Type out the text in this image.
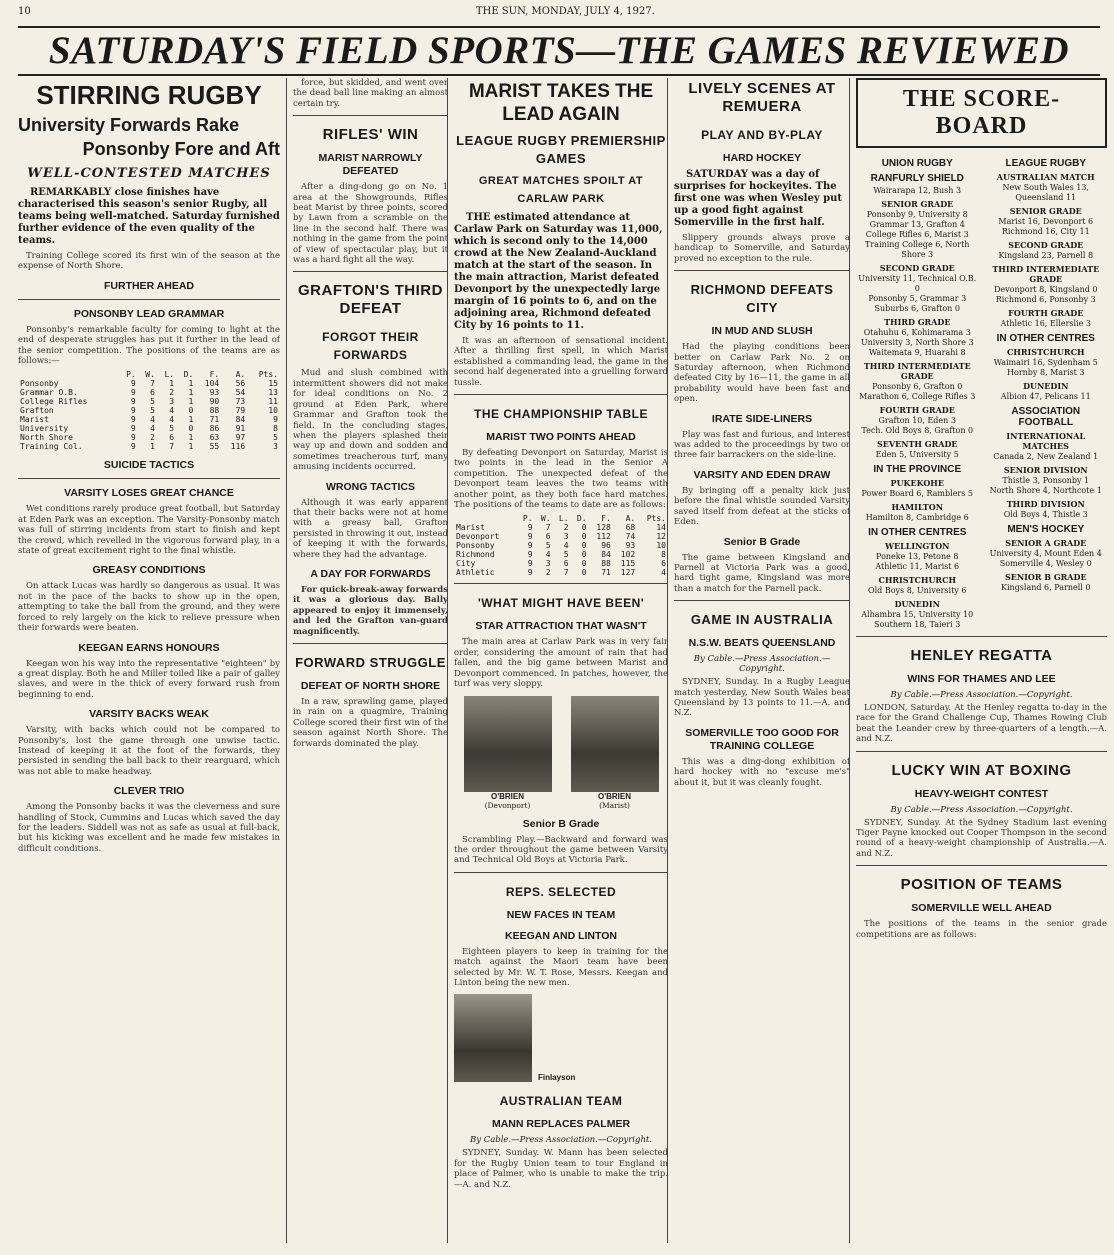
10	THE SUN, MONDAY, JULY 4, 1927.
SATURDAY'S FIELD SPORTS—THE GAMES REVIEWED
STIRRING RUGBY
University Forwards Rake
Ponsonby Fore and Aft
WELL-CONTESTED MATCHES

REMARKABLY close finishes have characterised this season's senior Rugby, all teams being well-matched. Saturday furnished further evidence of the even quality of the teams.

Training College scored its first win of the season at the expense of North Shore.

FURTHER AHEAD
PONSONBY LEAD GRAMMAR

Ponsonby's remarkable faculty for coming to light at the end of desperate struggles has put it further in the lead of the senior competition. The positions of the teams are as follows:—

	P.	W.	L.	D.	F.	A.	Pts.
Ponsonby	9	7	1	1	104	56	15
Grammar O.B.	9	6	2	1	93	54	13
College Rifles	9	5	3	1	90	73	11
Grafton	9	5	4	0	88	79	10
Marist	9	4	4	1	71	84	9
University	9	4	5	0	86	91	8
North Shore	9	2	6	1	63	97	5
Training Col.	9	1	7	1	55	116	3
SUICIDE TACTICS
VARSITY LOSES GREAT CHANCE

Wet conditions rarely produce great football, but Saturday at Eden Park was an exception. The Varsity-Ponsonby match was full of stirring incidents from start to finish and kept the crowd, which revelled in the vigorous forward play, in a state of great excitement right to the final whistle.

GREASY CONDITIONS

On attack Lucas was hardly so dangerous as usual. It was not in the pace of the backs to show up in the open, attempting to take the ball from the ground, and they were forced to rely largely on the kick to relieve pressure when their forwards were beaten.

KEEGAN EARNS HONOURS

Keegan won his way into the representative "eighteen" by a great display. Both he and Miller toiled like a pair of galley slaves, and were in the thick of every forward rush from beginning to end.

VARSITY BACKS WEAK

Varsity, with backs which could not be compared to Ponsonby's, lost the game through one unwise tactic. Instead of keeping it at the foot of the forwards, they persisted in sending the ball back to their rearguard, which was not able to make headway.

CLEVER TRIO

Among the Ponsonby backs it was the cleverness and sure handling of Stock, Cummins and Lucas which saved the day for the leaders. Siddell was not as safe as usual at full-back, but his kicking was excellent and he made few mistakes in difficult conditions.

force, but skidded, and went over the dead ball line making an almost certain try.

RIFLES' WIN
MARIST NARROWLY DEFEATED

After a ding-dong go on No. 1 area at the Showgrounds, Rifles beat Marist by three points, scored by Lawn from a scramble on the line in the second half. There was nothing in the game from the point of view of spectacular play, but it was a hard fight all the way.

GRAFTON'S THIRD DEFEAT
FORGOT THEIR FORWARDS

Mud and slush combined with intermittent showers did not make for ideal conditions on No. 2 ground at Eden Park, where Grammar and Grafton took the field. In the concluding stages, when the players splashed their way up and down and sodden and sometimes treacherous turf, many amusing incidents occurred.

WRONG TACTICS

Although it was early apparent that their backs were not at home with a greasy ball, Grafton persisted in throwing it out, instead of keeping it with the forwards, where they had the advantage.

A DAY FOR FORWARDS

For quick-break-away forwards it was a glorious day. Bally appeared to enjoy it immensely, and led the Grafton van-guard magnificently.

FORWARD STRUGGLE
DEFEAT OF NORTH SHORE

In a raw, sprawling game, played in rain on a quagmire, Training College scored their first win of the season against North Shore. The forwards dominated the play.

MARIST TAKES THE LEAD AGAIN
LEAGUE RUGBY PREMIERSHIP GAMES
GREAT MATCHES SPOILT AT CARLAW PARK

THE estimated attendance at Carlaw Park on Saturday was 11,000, which is second only to the 14,000 crowd at the New Zealand-Auckland match at the start of the season. In the main attraction, Marist defeated Devonport by the unexpectedly large margin of 16 points to 6, and on the adjoining area, Richmond defeated City by 16 points to 11.

It was an afternoon of sensational incident. After a thrilling first spell, in which Marist established a commanding lead, the game in the second half degenerated into a gruelling forward tussle.

THE CHAMPIONSHIP TABLE
MARIST TWO POINTS AHEAD

By defeating Devonport on Saturday, Marist is two points in the lead in the Senior A competition. The unexpected defeat of the Devonport team leaves the two teams with another point, as they both face hard matches. The positions of the teams to date are as follows:

	P.	W.	L.	D.	F.	A.	Pts.
Marist	9	7	2	0	128	68	14
Devonport	9	6	3	0	112	74	12
Ponsonby	9	5	4	0	96	93	10
Richmond	9	4	5	0	84	102	8
City	9	3	6	0	88	115	6
Athletic	9	2	7	0	71	127	4
'WHAT MIGHT HAVE BEEN'
STAR ATTRACTION THAT WASN'T

The main area at Carlaw Park was in very fair order, considering the amount of rain that had fallen, and the big game between Marist and Devonport commenced. In patches, however, the turf was very sloppy.

O'BRIEN
(Devonport)
O'BRIEN
(Marist)
Senior B Grade

Scrambling Play.—Backward and forward was the order throughout the game between Varsity and Technical Old Boys at Victoria Park.

REPS. SELECTED
NEW FACES IN TEAM
KEEGAN AND LINTON

Eighteen players to keep in training for the match against the Maori team have been selected by Mr. W. T. Rose, Messrs. Keegan and Linton being the new men.

Finlayson
AUSTRALIAN TEAM
MANN REPLACES PALMER
By Cable.—Press Association.—Copyright.

SYDNEY, Sunday. W. Mann has been selected for the Rugby Union team to tour England in place of Palmer, who is unable to make the trip.—A. and N.Z.

LIVELY SCENES AT REMUERA
PLAY AND BY-PLAY
HARD HOCKEY

SATURDAY was a day of surprises for hockeyites. The first one was when Wesley put up a good fight against Somerville in the first half.

Slippery grounds always prove a handicap to Somerville, and Saturday proved no exception to the rule.

RICHMOND DEFEATS CITY
IN MUD AND SLUSH

Had the playing conditions been better on Carlaw Park No. 2 on Saturday afternoon, when Richmond defeated City by 16—11, the game in all probability would have been fast and open.

IRATE SIDE-LINERS

Play was fast and furious, and interest was added to the proceedings by two or three fair barrackers on the side-line.

VARSITY AND EDEN DRAW

By bringing off a penalty kick just before the final whistle sounded Varsity saved itself from defeat at the sticks of Eden.

Senior B Grade

The game between Kingsland and Parnell at Victoria Park was a good, hard tight game, Kingsland was more than a match for the Parnell pack.

GAME IN AUSTRALIA
N.S.W. BEATS QUEENSLAND
By Cable.—Press Association.—Copyright.

SYDNEY, Sunday. In a Rugby League match yesterday, New South Wales beat Queensland by 13 points to 11.—A. and N.Z.

SOMERVILLE TOO GOOD FOR TRAINING COLLEGE

This was a ding-dong exhibition of hard hockey with no "excuse me's" about it, but it was cleanly fought.

THE SCORE-BOARD
UNION RUGBY
RANFURLY SHIELD
Wairarapa 12, Bush 3
SENIOR GRADE
Ponsonby 9, University 8
Grammar 13, Grafton 4
College Rifles 6, Marist 3
Training College 6, North Shore 3
SECOND GRADE
University 11, Technical O.B. 0
Ponsonby 5, Grammar 3
Suburbs 6, Grafton 0
THIRD GRADE
Otahuhu 6, Kohimarama 3
University 3, North Shore 3
Waitemata 9, Huarahi 8
THIRD INTERMEDIATE GRADE
Ponsonby 6, Grafton 0
Marathon 6, College Rifles 3
FOURTH GRADE
Grafton 10, Eden 3
Tech. Old Boys 8, Grafton 0
SEVENTH GRADE
Eden 5, University 5
IN THE PROVINCE
PUKEKOHE
Power Board 6, Ramblers 5
HAMILTON
Hamilton 8, Cambridge 6
IN OTHER CENTRES
WELLINGTON
Poneke 13, Petone 8
Athletic 11, Marist 6
CHRISTCHURCH
Old Boys 8, University 6
DUNEDIN
Alhambra 15, University 10
Southern 18, Taieri 3
LEAGUE RUGBY
AUSTRALIAN MATCH
New South Wales 13, Queensland 11
SENIOR GRADE
Marist 16, Devonport 6
Richmond 16, City 11
SECOND GRADE
Kingsland 23, Parnell 8
THIRD INTERMEDIATE GRADE
Devonport 8, Kingsland 0
Richmond 6, Ponsonby 3
FOURTH GRADE
Athletic 16, Ellerslie 3
IN OTHER CENTRES
CHRISTCHURCH
Waimairi 16, Sydenham 5
Hornby 8, Marist 3
DUNEDIN
Albion 47, Pelicans 11
ASSOCIATION FOOTBALL
INTERNATIONAL MATCHES
Canada 2, New Zealand 1
SENIOR DIVISION
Thistle 3, Ponsonby 1
North Shore 4, Northcote 1
THIRD DIVISION
Old Boys 4, Thistle 3
MEN'S HOCKEY
SENIOR A GRADE
University 4, Mount Eden 4
Somerville 4, Wesley 0
SENIOR B GRADE
Kingsland 6, Parnell 0
HENLEY REGATTA
WINS FOR THAMES AND LEE
By Cable.—Press Association.—Copyright.

LONDON, Saturday. At the Henley regatta to-day in the race for the Grand Challenge Cup, Thames Rowing Club beat the Leander crew by three-quarters of a length.—A. and N.Z.

LUCKY WIN AT BOXING
HEAVY-WEIGHT CONTEST
By Cable.—Press Association.—Copyright.

SYDNEY, Sunday. At the Sydney Stadium last evening Tiger Payne knocked out Cooper Thompson in the second round of a heavy-weight championship of Australia.—A. and N.Z.

POSITION OF TEAMS
SOMERVILLE WELL AHEAD

The positions of the teams in the senior grade competitions are as follows:
